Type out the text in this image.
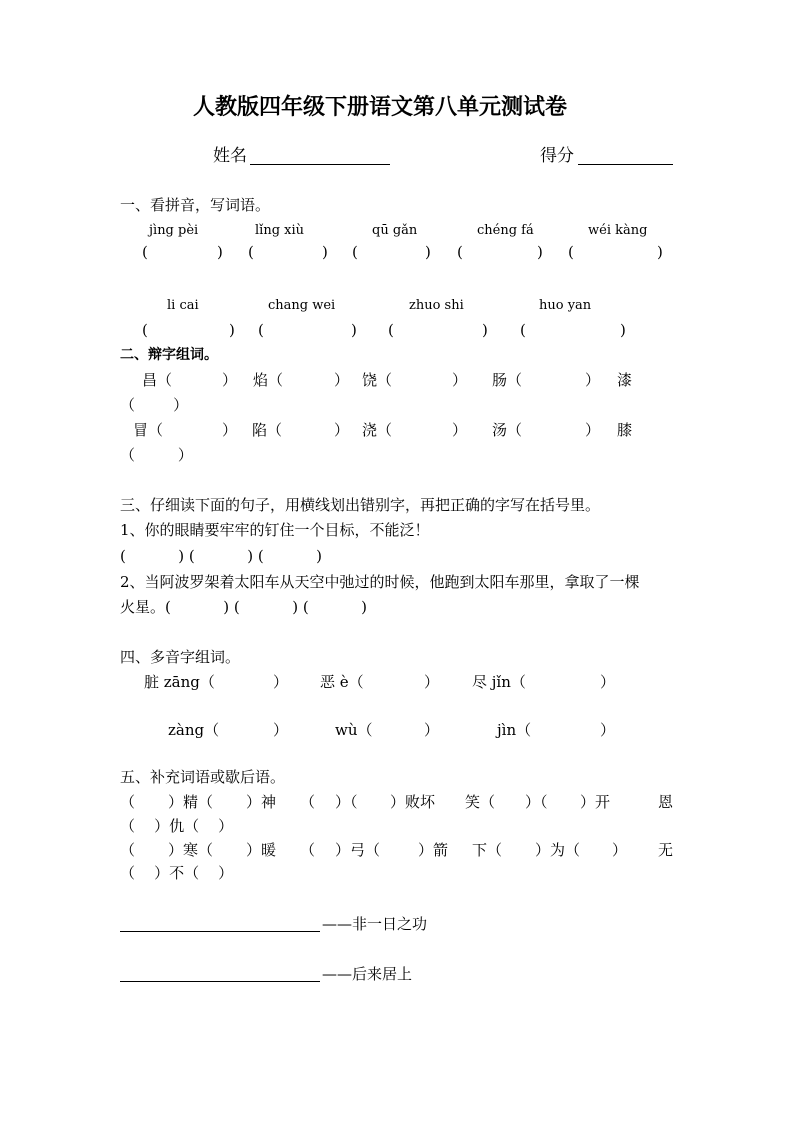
人教版四年级下册语文第八单元测试卷
姓名	得分
一、看拼音，写词语。
jìng pèi	lǐng xiù	qū gǎn	chéng fá	wéi kàng
(	) (	) (	) (	) (	)
li cai	chang wei	zhuo shi	huo yan
(	) (	) (	) (	)
二、辩字组词。
昌（	） 焰（	） 饶（	） 肠（	） 漆
（        ）
冒（	） 陷（	） 浇（	） 汤（	） 膝
（         ）
三、仔细读下面的句子，用横线划出错别字，再把正确的字写在括号里。
1、你的眼睛要牢牢的钉住一个目标，不能泛！
(           ) (           ) (           )
2、当阿波罗架着太阳车从天空中弛过的时候，他跑到太阳车那里，拿取了一棵
火星。(           ) (           ) (           )
四、多音字组词。
脏 zāng（	） 恶 è（	） 尽 jǐn（	）
zàng（	）	wù（	）	jìn（	）
五、补充词语或歇后语。
（ ）精（ ）神 （ ）（ ）败坏 笑（ ）（ ）开	恩
（    ）仇（    ）
（ ）寒（ ）暖 （ ）弓（	）箭 下（ ）为（ ） 无
（    ）不（    ）
——非一日之功
——后来居上
